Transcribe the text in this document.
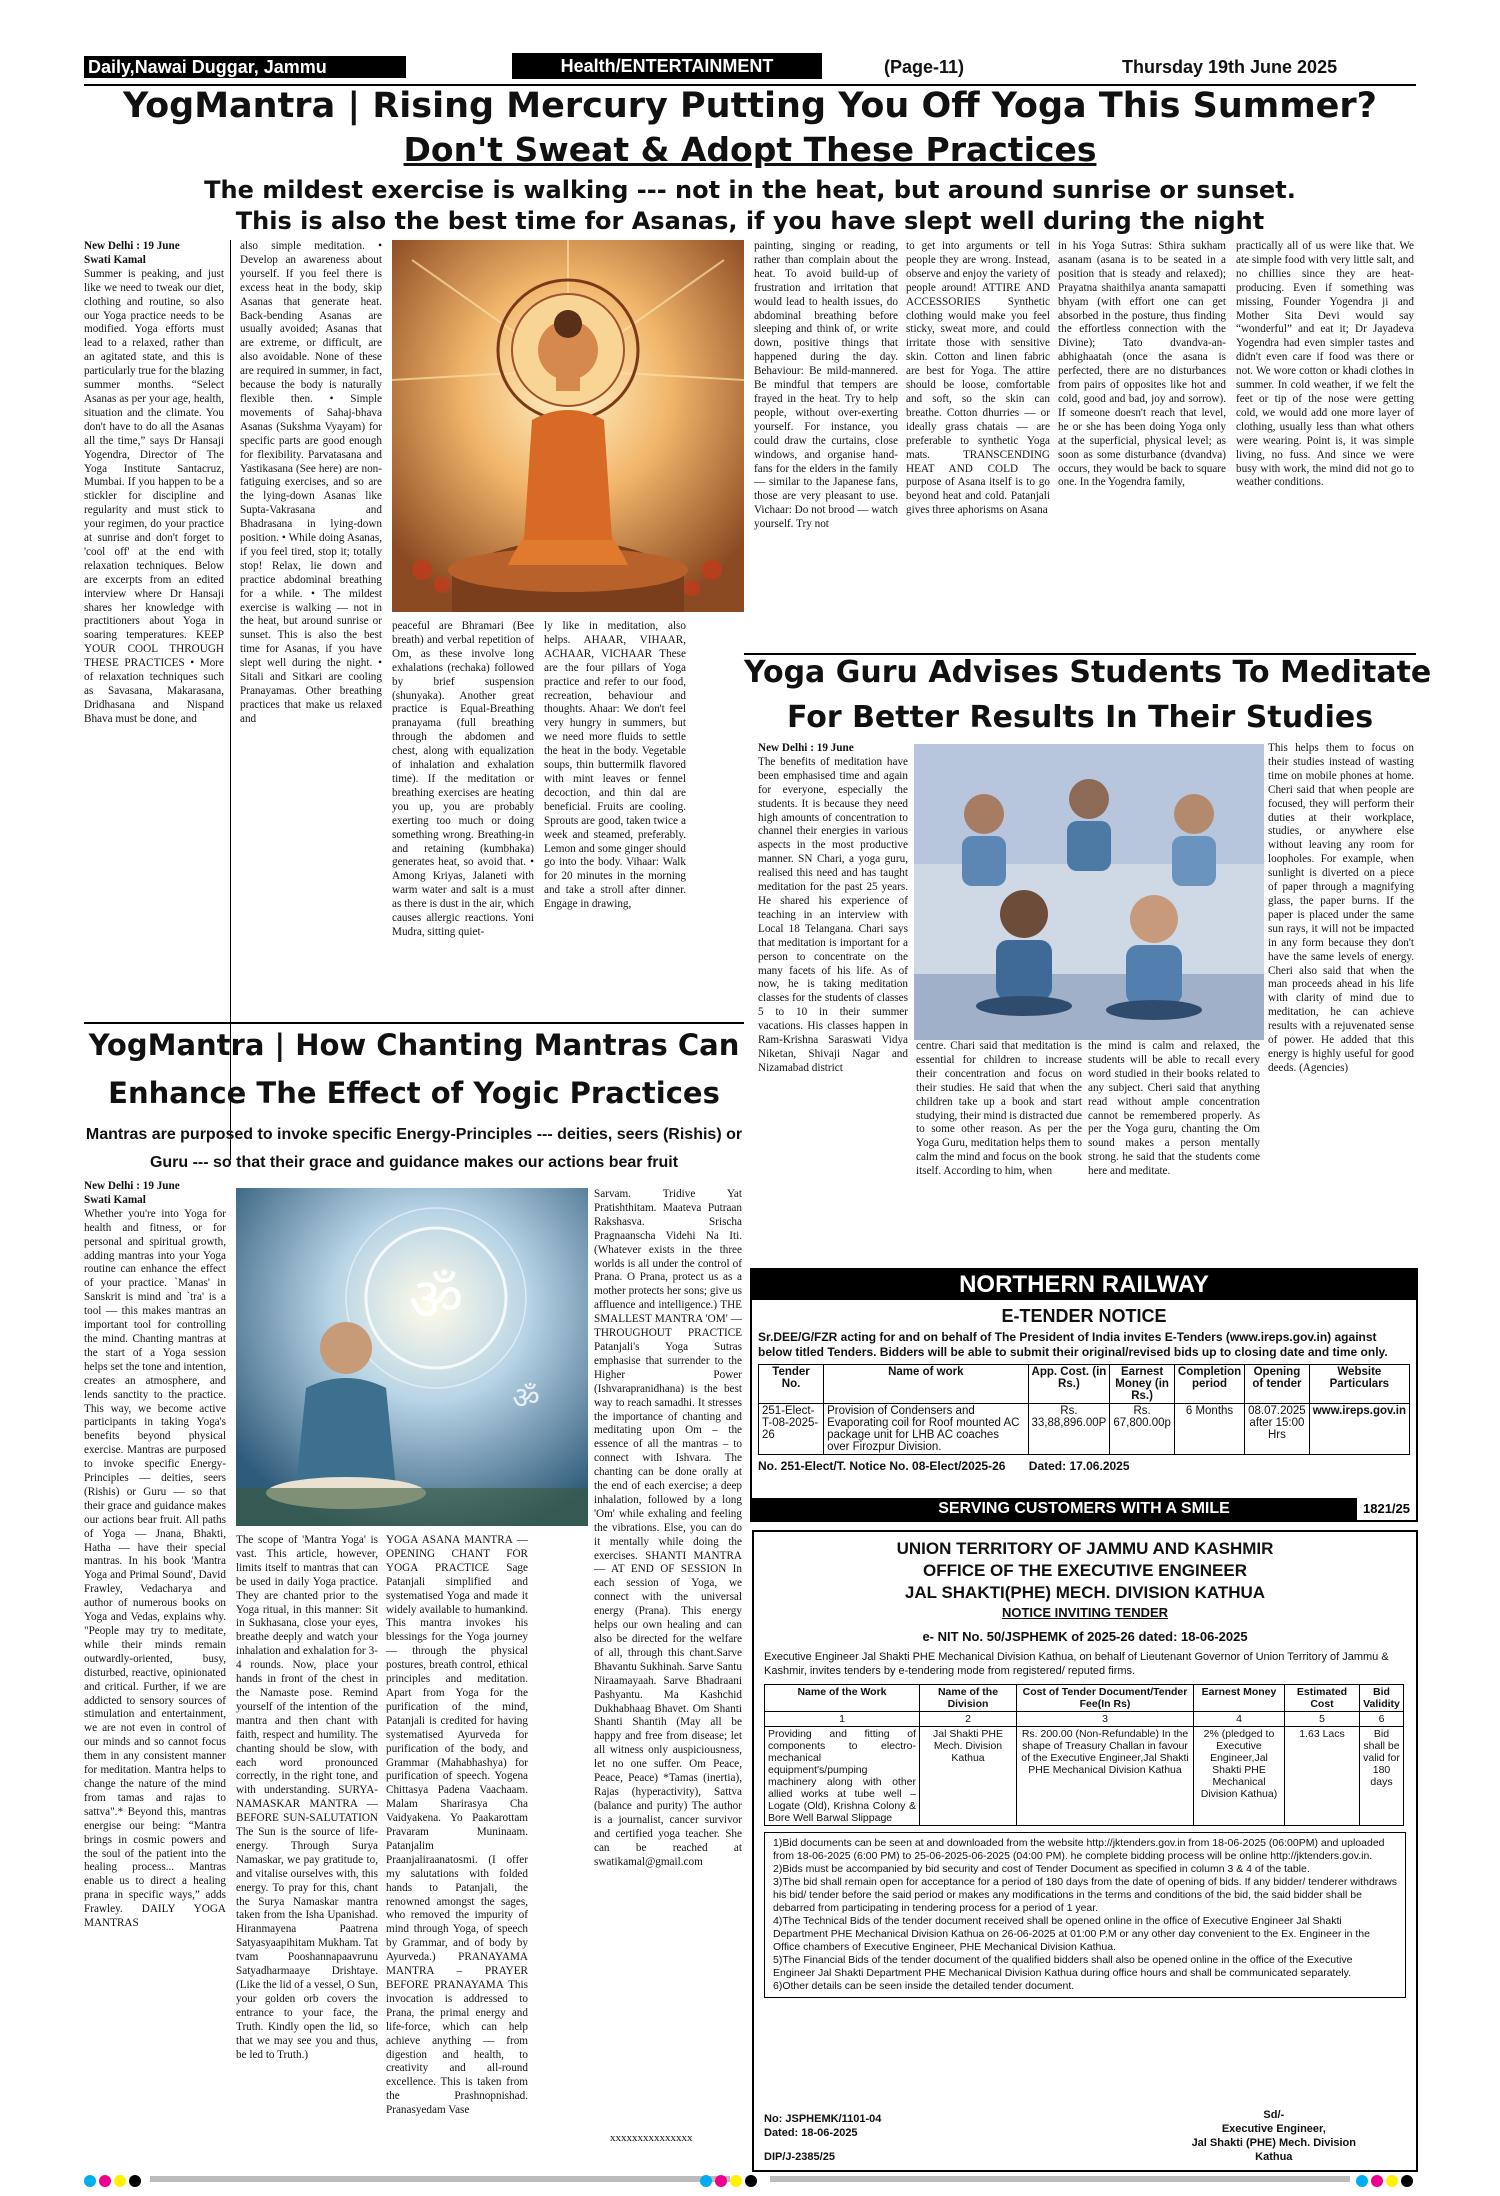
Daily,Nawai Duggar, Jammu	Health/ENTERTAINMENT	(Page-11)	Thursday 19th June 2025
YogMantra | Rising Mercury Putting You Off Yoga This Summer?
Don't Sweat & Adopt These Practices
The mildest exercise is walking --- not in the heat, but around sunrise or sunset.
This is also the best time for Asanas, if you have slept well during the night

New Delhi : 19 June

Swati Kamal

Summer is peaking, and just like we need to tweak our diet, clothing and routine, so also our Yoga practice needs to be modified. Yoga efforts must lead to a relaxed, rather than an agitated state, and this is particularly true for the blazing summer months. “Select Asanas as per your age, health, situation and the climate. You don't have to do all the Asanas all the time,” says Dr Hansaji Yogendra, Director of The Yoga Institute Santacruz, Mumbai. If you happen to be a stickler for discipline and regularity and must stick to your regimen, do your practice at sunrise and don't forget to 'cool off' at the end with relaxation techniques. Below are excerpts from an edited interview where Dr Hansaji shares her knowledge with practitioners about Yoga in soaring temperatures. KEEP YOUR COOL THROUGH THESE PRACTICES • More of relaxation techniques such as Savasana, Makarasana, Dridhasana and Nispand Bhava must be done, and

also simple meditation. • Develop an awareness about yourself. If you feel there is excess heat in the body, skip Asanas that generate heat. Back-bending Asanas are usually avoided; Asanas that are extreme, or difficult, are also avoidable. None of these are required in summer, in fact, because the body is naturally flexible then. • Simple movements of Sahaj-bhava Asanas (Sukshma Vyayam) for specific parts are good enough for flexibility. Parvatasana and Yastikasana (See here) are non-fatiguing exercises, and so are the lying-down Asanas like Supta-Vakrasana and Bhadrasana in lying-down position. • While doing Asanas, if you feel tired, stop it; totally stop! Relax, lie down and practice abdominal breathing for a while. • The mildest exercise is walking — not in the heat, but around sunrise or sunset. This is also the best time for Asanas, if you have slept well during the night. • Sitali and Sitkari are cooling Pranayamas. Other breathing practices that make us relaxed and

peaceful are Bhramari (Bee breath) and verbal repetition of Om, as these involve long exhalations (rechaka) followed by brief suspension (shunyaka). Another great practice is Equal-Breathing pranayama (full breathing through the abdomen and chest, along with equalization of inhalation and exhalation time). If the meditation or breathing exercises are heating you up, you are probably exerting too much or doing something wrong. Breathing-in and retaining (kumbhaka) generates heat, so avoid that. • Among Kriyas, Jalaneti with warm water and salt is a must as there is dust in the air, which causes allergic reactions. Yoni Mudra, sitting quiet-

ly like in meditation, also helps. AHAAR, VIHAAR, ACHAAR, VICHAAR These are the four pillars of Yoga practice and refer to our food, recreation, behaviour and thoughts. Ahaar: We don't feel very hungry in summers, but we need more fluids to settle the heat in the body. Vegetable soups, thin buttermilk flavored with mint leaves or fennel decoction, and thin dal are beneficial. Fruits are cooling. Sprouts are good, taken twice a week and steamed, preferably. Lemon and some ginger should go into the body. Vihaar: Walk for 20 minutes in the morning and take a stroll after dinner. Engage in drawing,

painting, singing or reading, rather than complain about the heat. To avoid build-up of frustration and irritation that would lead to health issues, do abdominal breathing before sleeping and think of, or write down, positive things that happened during the day. Behaviour: Be mild-mannered. Be mindful that tempers are frayed in the heat. Try to help people, without over-exerting yourself. For instance, you could draw the curtains, close windows, and organise hand-fans for the elders in the family — similar to the Japanese fans, those are very pleasant to use. Vichaar: Do not brood — watch yourself. Try not

to get into arguments or tell people they are wrong. Instead, observe and enjoy the variety of people around! ATTIRE AND ACCESSORIES Synthetic clothing would make you feel sticky, sweat more, and could irritate those with sensitive skin. Cotton and linen fabric are best for Yoga. The attire should be loose, comfortable and soft, so the skin can breathe. Cotton dhurries — or ideally grass chatais — are preferable to synthetic Yoga mats. TRANSCENDING HEAT AND COLD The purpose of Asana itself is to go beyond heat and cold. Patanjali gives three aphorisms on Asana

in his Yoga Sutras: Sthira sukham asanam (asana is to be seated in a position that is steady and relaxed); Prayatna shaithilya ananta samapatti bhyam (with effort one can get absorbed in the posture, thus finding the effortless connection with the Divine); Tato dvandva-an-abhighaatah (once the asana is perfected, there are no disturbances from pairs of opposites like hot and cold, good and bad, joy and sorrow). If someone doesn't reach that level, he or she has been doing Yoga only at the superficial, physical level; as soon as some disturbance (dvandva) occurs, they would be back to square one. In the Yogendra family,

practically all of us were like that. We ate simple food with very little salt, and no chillies since they are heat-producing. Even if something was missing, Founder Yogendra ji and Mother Sita Devi would say “wonderful” and eat it; Dr Jayadeva Yogendra had even simpler tastes and didn't even care if food was there or not. We wore cotton or khadi clothes in summer. In cold weather, if we felt the feet or tip of the nose were getting cold, we would add one more layer of clothing, usually less than what others were wearing. Point is, it was simple living, no fuss. And since we were busy with work, the mind did not go to weather conditions.

Yoga Guru Advises Students To Meditate
For Better Results In Their Studies

New Delhi : 19 June

The benefits of meditation have been emphasised time and again for everyone, especially the students. It is because they need high amounts of concentration to channel their energies in various aspects in the most productive manner. SN Chari, a yoga guru, realised this need and has taught meditation for the past 25 years. He shared his experience of teaching in an interview with Local 18 Telangana. Chari says that meditation is important for a person to concentrate on the many facets of his life. As of now, he is taking meditation classes for the students of classes 5 to 10 in their summer vacations. His classes happen in Ram-Krishna Saraswati Vidya Niketan, Shivaji Nagar and Nizamabad district

centre. Chari said that meditation is essential for children to increase their concentration and focus on their studies. He said that when the children take up a book and start studying, their mind is distracted due to some other reason. As per the Yoga Guru, meditation helps them to calm the mind and focus on the book itself. According to him, when

the mind is calm and relaxed, the students will be able to recall every word studied in their books related to any subject. Cheri said that anything read without ample concentration cannot be remembered properly. As per the Yoga guru, chanting the Om sound makes a person mentally strong. he said that the students come here and meditate.

This helps them to focus on their studies instead of wasting time on mobile phones at home. Cheri said that when people are focused, they will perform their duties at their workplace, studies, or anywhere else without leaving any room for loopholes. For example, when sunlight is diverted on a piece of paper through a magnifying glass, the paper burns. If the paper is placed under the same sun rays, it will not be impacted in any form because they don't have the same levels of energy. Cheri also said that when the man proceeds ahead in his life with clarity of mind due to meditation, he can achieve results with a rejuvenated sense of power. He added that this energy is highly useful for good deeds. (Agencies)

YogMantra | How Chanting Mantras Can
Enhance The Effect of Yogic Practices
Mantras are purposed to invoke specific Energy-Principles --- deities, seers (Rishis) or
Guru --- so that their grace and guidance makes our actions bear fruit

New Delhi : 19 June

Swati Kamal

Whether you're into Yoga for health and fitness, or for personal and spiritual growth, adding mantras into your Yoga routine can enhance the effect of your practice. `Manas' in Sanskrit is mind and `tra' is a tool — this makes mantras an important tool for controlling the mind. Chanting mantras at the start of a Yoga session helps set the tone and intention, creates an atmosphere, and lends sanctity to the practice. This way, we become active participants in taking Yoga's benefits beyond physical exercise. Mantras are purposed to invoke specific Energy-Principles — deities, seers (Rishis) or Guru — so that their grace and guidance makes our actions bear fruit. All paths of Yoga — Jnana, Bhakti, Hatha — have their special mantras. In his book 'Mantra Yoga and Primal Sound', David Frawley, Vedacharya and author of numerous books on Yoga and Vedas, explains why. "People may try to meditate, while their minds remain outwardly-oriented, busy, disturbed, reactive, opinionated and critical. Further, if we are addicted to sensory sources of stimulation and entertainment, we are not even in control of our minds and so cannot focus them in any consistent manner for meditation. Mantra helps to change the nature of the mind from tamas and rajas to sattva".* Beyond this, mantras energise our being: “Mantra brings in cosmic powers and the soul of the patient into the healing process... Mantras enable us to direct a healing prana in specific ways,” adds Frawley. DAILY YOGA MANTRAS

ॐ
ॐ

The scope of 'Mantra Yoga' is vast. This article, however, limits itself to mantras that can be used in daily Yoga practice. They are chanted prior to the Yoga ritual, in this manner: Sit in Sukhasana, close your eyes, breathe deeply and watch your inhalation and exhalation for 3-4 rounds. Now, place your hands in front of the chest in the Namaste pose. Remind yourself of the intention of the mantra and then chant with faith, respect and humility. The chanting should be slow, with each word pronounced correctly, in the right tone, and with understanding. SURYA-NAMASKAR MANTRA — BEFORE SUN-SALUTATION The Sun is the source of life-energy. Through Surya Namaskar, we pay gratitude to, and vitalise ourselves with, this energy. To pray for this, chant the Surya Namaskar mantra taken from the Isha Upanishad. Hiranmayena Paatrena Satyasyaapihitam Mukham. Tat tvam Pooshannapaavrunu Satyadharmaaye Drishtaye. (Like the lid of a vessel, O Sun, your golden orb covers the entrance to your face, the Truth. Kindly open the lid, so that we may see you and thus, be led to Truth.)

YOGA ASANA MANTRA — OPENING CHANT FOR YOGA PRACTICE Sage Patanjali simplified and systematised Yoga and made it widely available to humankind. This mantra invokes his blessings for the Yoga journey — through the physical postures, breath control, ethical principles and meditation. Apart from Yoga for the purification of the mind, Patanjali is credited for having systematised Ayurveda for purification of the body, and Grammar (Mahabhashya) for purification of speech. Yogena Chittasya Padena Vaachaam. Malam Sharirasya Cha Vaidyakena. Yo Paakarottam Pravaram Muninaam. Patanjalim Praanjaliraanatosmi. (I offer my salutations with folded hands to Patanjali, the renowned amongst the sages, who removed the impurity of mind through Yoga, of speech by Grammar, and of body by Ayurveda.) PRANAYAMA MANTRA – PRAYER BEFORE PRANAYAMA This invocation is addressed to Prana, the primal energy and life-force, which can help achieve anything — from digestion and health, to creativity and all-round excellence. This is taken from the Prashnopnishad. Pranasyedam Vase

Sarvam. Tridive Yat Pratishthitam. Maateva Putraan Rakshasva. Srischa Pragnaanscha Videhi Na Iti. (Whatever exists in the three worlds is all under the control of Prana. O Prana, protect us as a mother protects her sons; give us affluence and intelligence.) THE SMALLEST MANTRA 'OM' — THROUGHOUT PRACTICE Patanjali's Yoga Sutras emphasise that surrender to the Higher Power (Ishvarapranidhana) is the best way to reach samadhi. It stresses the importance of chanting and meditating upon Om – the essence of all the mantras – to connect with Ishvara. The chanting can be done orally at the end of each exercise; a deep inhalation, followed by a long 'Om' while exhaling and feeling the vibrations. Else, you can do it mentally while doing the exercises. SHANTI MANTRA — AT END OF SESSION In each session of Yoga, we connect with the universal energy (Prana). This energy helps our own healing and can also be directed for the welfare of all, through this chant.Sarve Bhavantu Sukhinah. Sarve Santu Niraamayaah. Sarve Bhadraani Pashyantu. Ma Kashchid Dukhabhaag Bhavet. Om Shanti Shanti Shantih (May all be happy and free from disease; let all witness only auspiciousness, let no one suffer. Om Peace, Peace, Peace) *Tamas (inertia), Rajas (hyperactivity), Sattva (balance and purity) The author is a journalist, cancer survivor and certified yoga teacher. She can be reached at swatikamal@gmail.com

xxxxxxxxxxxxxxx
NORTHERN RAILWAY
E-TENDER NOTICE
Sr.DEE/G/FZR acting for and on behalf of The President of India invites E-Tenders (www.ireps.gov.in) against below titled Tenders. Bidders will be able to submit their original/revised bids up to closing date and time only.
Tender No.	Name of work	App. Cost. (in Rs.)	Earnest Money (in Rs.)	Completion period	Opening of tender	Website Particulars
251-Elect-T-08-2025-26	Provision of Condensers and Evaporating coil for Roof mounted AC package unit for LHB AC coaches over Firozpur Division.	Rs. 33,88,896.00P	Rs. 67,800.00p	6 Months	08.07.2025 after 15:00 Hrs	www.ireps.gov.in
No. 251-Elect/T. Notice No. 08-Elect/2025-26 Dated: 17.06.2025
SERVING CUSTOMERS WITH A SMILE	1821/25
UNION TERRITORY OF JAMMU AND KASHMIR
OFFICE OF THE EXECUTIVE ENGINEER
JAL SHAKTI(PHE) MECH. DIVISION KATHUA
NOTICE INVITING TENDER
e- NIT No. 50/JSPHEMK of 2025-26 dated: 18-06-2025
Executive Engineer Jal Shakti PHE Mechanical Division Kathua, on behalf of Lieutenant Governor of Union Territory of Jammu & Kashmir, invites tenders by e-tendering mode from registered/ reputed firms.
Name of the Work	Name of the Division	Cost of Tender Document/Tender Fee(In Rs)	Earnest Money	Estimated Cost	Bid Validity
1	2	3	4	5	6
Providing and fitting of components to electro-mechanical equipment's/pumping machinery along with other allied works at tube well –Logate (Old), Krishna Colony & Bore Well Barwal Slippage	Jal Shakti PHE Mech. Division Kathua	Rs. 200.00 (Non-Refundable) In the shape of Treasury Challan in favour of the Executive Engineer,Jal Shakti PHE Mechanical Division Kathua	2% (pledged to Executive Engineer,Jal Shakti PHE Mechanical Division Kathua)	1.63 Lacs	Bid shall be valid for 180 days
1)Bid documents can be seen at and downloaded from the website http://jktenders.gov.in from 18-06-2025 (06:00PM) and uploaded from 18-06-2025 (6:00 PM) to 25-06-2025-06-2025 (04:00 PM). he complete bidding process will be online http://jktenders.gov.in.
2)Bids must be accompanied by bid security and cost of Tender Document as specified in column 3 & 4 of the table.
3)The bid shall remain open for acceptance for a period of 180 days from the date of opening of bids. If any bidder/ tenderer withdraws his bid/ tender before the said period or makes any modifications in the terms and conditions of the bid, the said bidder shall be debarred from participating in tendering process for a period of 1 year.
4)The Technical Bids of the tender document received shall be opened online in the office of Executive Engineer Jal Shakti Department PHE Mechanical Division Kathua on 26-06-2025 at 01:00 P.M or any other day convenient to the Ex. Engineer in the Office chambers of Executive Engineer, PHE Mechanical Division Kathua.
5)The Financial Bids of the tender document of the qualified bidders shall also be opened online in the office of the Executive Engineer Jal Shakti Department PHE Mechanical Division Kathua during office hours and shall be communicated separately.
6)Other details can be seen inside the detailed tender document.
No: JSPHEMK/1101-04
Dated: 18-06-2025
DIP/J-2385/25
Sd/-
Executive Engineer,
Jal Shakti (PHE) Mech. Division
Kathua
